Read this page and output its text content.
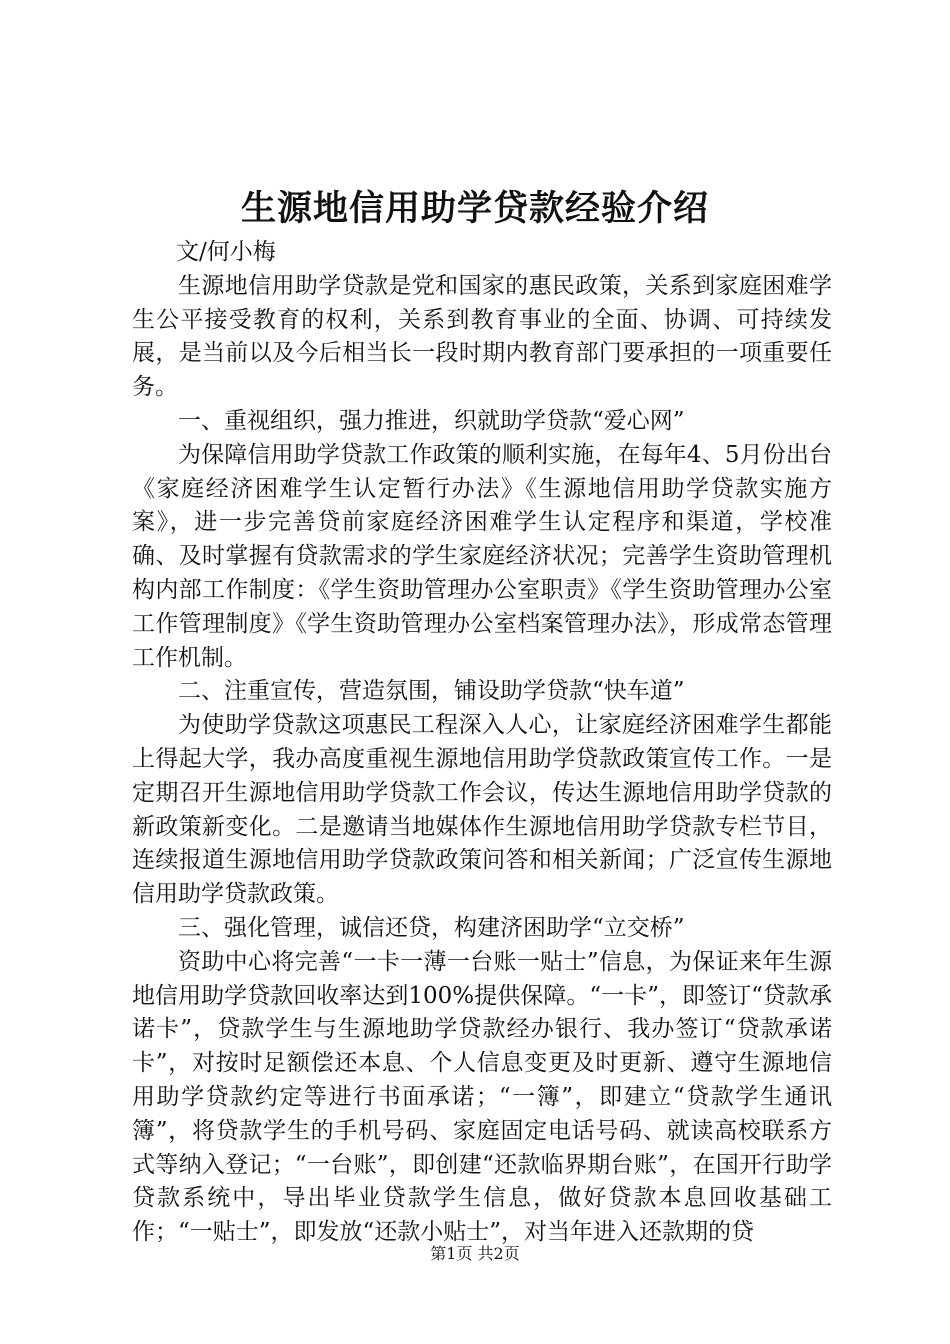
生源地信用助学贷款经验介绍

文/何小梅

生源地信用助学贷款是党和国家的惠民政策，关系到家庭困难学生公平接受教育的权利，关系到教育事业的全面、协调、可持续发展，是当前以及今后相当长一段时期内教育部门要承担的一项重要任务。

一、重视组织，强力推进，织就助学贷款“爱心网”

为保障信用助学贷款工作政策的顺利实施，在每年4、5月份出台《家庭经济困难学生认定暂行办法》《生源地信用助学贷款实施方案》，进一步完善贷前家庭经济困难学生认定程序和渠道，学校准确、及时掌握有贷款需求的学生家庭经济状况；完善学生资助管理机构内部工作制度：《学生资助管理办公室职责》《学生资助管理办公室工作管理制度》《学生资助管理办公室档案管理办法》，形成常态管理工作机制。

二、注重宣传，营造氛围，铺设助学贷款“快车道”

为使助学贷款这项惠民工程深入人心，让家庭经济困难学生都能上得起大学，我办高度重视生源地信用助学贷款政策宣传工作。一是定期召开生源地信用助学贷款工作会议，传达生源地信用助学贷款的新政策新变化。二是邀请当地媒体作生源地信用助学贷款专栏节目，连续报道生源地信用助学贷款政策问答和相关新闻；广泛宣传生源地信用助学贷款政策。

三、强化管理，诚信还贷，构建济困助学“立交桥”

资助中心将完善“一卡一薄一台账一贴士”信息，为保证来年生源地信用助学贷款回收率达到100%提供保障。“一卡”，即签订“贷款承诺卡”，贷款学生与生源地助学贷款经办银行、我办签订“贷款承诺卡”，对按时足额偿还本息、个人信息变更及时更新、遵守生源地信用助学贷款约定等进行书面承诺；“一簿”，即建立“贷款学生通讯簿”，将贷款学生的手机号码、家庭固定电话号码、就读高校联系方式等纳入登记；“一台账”，即创建“还款临界期台账”，在国开行助学贷款系统中，导出毕业贷款学生信息，做好贷款本息回收基础工作；“一贴士”，即发放“还款小贴士”，对当年进入还款期的贷

第1页 共2页
